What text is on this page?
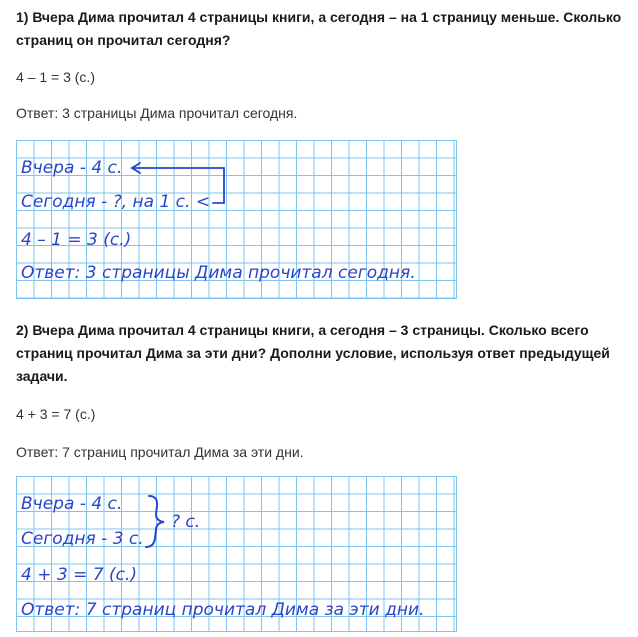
1) Вчера Дима прочитал 4 страницы книги, а сегодня – на 1 страницу меньше. Сколько страниц он прочитал сегодня?
4 – 1 = 3 (с.)
Ответ: 3 страницы Дима прочитал сегодня.
Вчера - 4 с.
Сегодня - ?, на 1 с. <
4 – 1 = 3 (с.)
Ответ: 3 страницы Дима прочитал сегодня.
2) Вчера Дима прочитал 4 страницы книги, а сегодня – 3 страницы. Сколько всего страниц прочитал Дима за эти дни? Дополни условие, используя ответ предыдущей задачи.
4 + 3 = 7 (с.)
Ответ: 7 страниц прочитал Дима за эти дни.
Вчера - 4 с.
Сегодня - 3 с.
? с.
4 + 3 = 7 (с.)
Ответ: 7 страниц прочитал Дима за эти дни.
